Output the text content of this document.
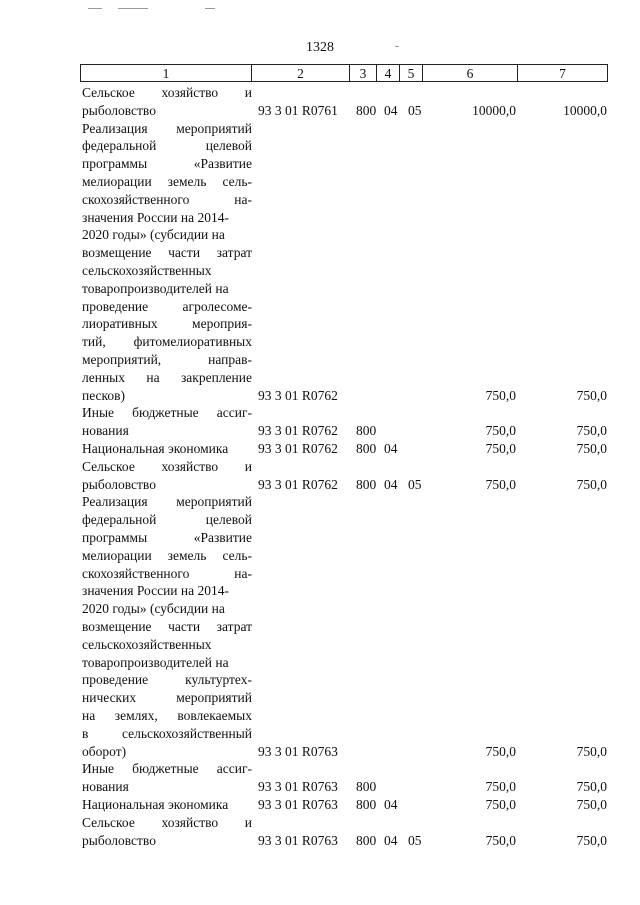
1328
1	2	3	4	5	6	7
Сельское хозяйство и
рыболовство	93 3 01 R0761 800 04 05	10000,0	10000,0
Реализация мероприятий
федеральной целевой
программы «Развитие
мелиорации земель сель-
скохозяйственного на-
значения России на 2014-
2020 годы» (субсидии на
возмещение части затрат
сельскохозяйственных
товаропроизводителей на
проведение агролесоме-
лиоративных мероприя-
тий, фитомелиоративных
мероприятий, направ-
ленных на закрепление
песков)	93 3 01 R0762	750,0	750,0
Иные бюджетные ассиг-
нования	93 3 01 R0762 800	750,0	750,0
Национальная экономика	93 3 01 R0762 800 04	750,0	750,0
Сельское хозяйство и
рыболовство	93 3 01 R0762 800 04 05	750,0	750,0
Реализация мероприятий
федеральной целевой
программы «Развитие
мелиорации земель сель-
скохозяйственного на-
значения России на 2014-
2020 годы» (субсидии на
возмещение части затрат
сельскохозяйственных
товаропроизводителей на
проведение культуртех-
нических мероприятий
на землях, вовлекаемых
в сельскохозяйственный
оборот)	93 3 01 R0763	750,0	750,0
Иные бюджетные ассиг-
нования	93 3 01 R0763 800	750,0	750,0
Национальная экономика	93 3 01 R0763 800 04	750,0	750,0
Сельское хозяйство и
рыболовство	93 3 01 R0763 800 04 05	750,0	750,0
